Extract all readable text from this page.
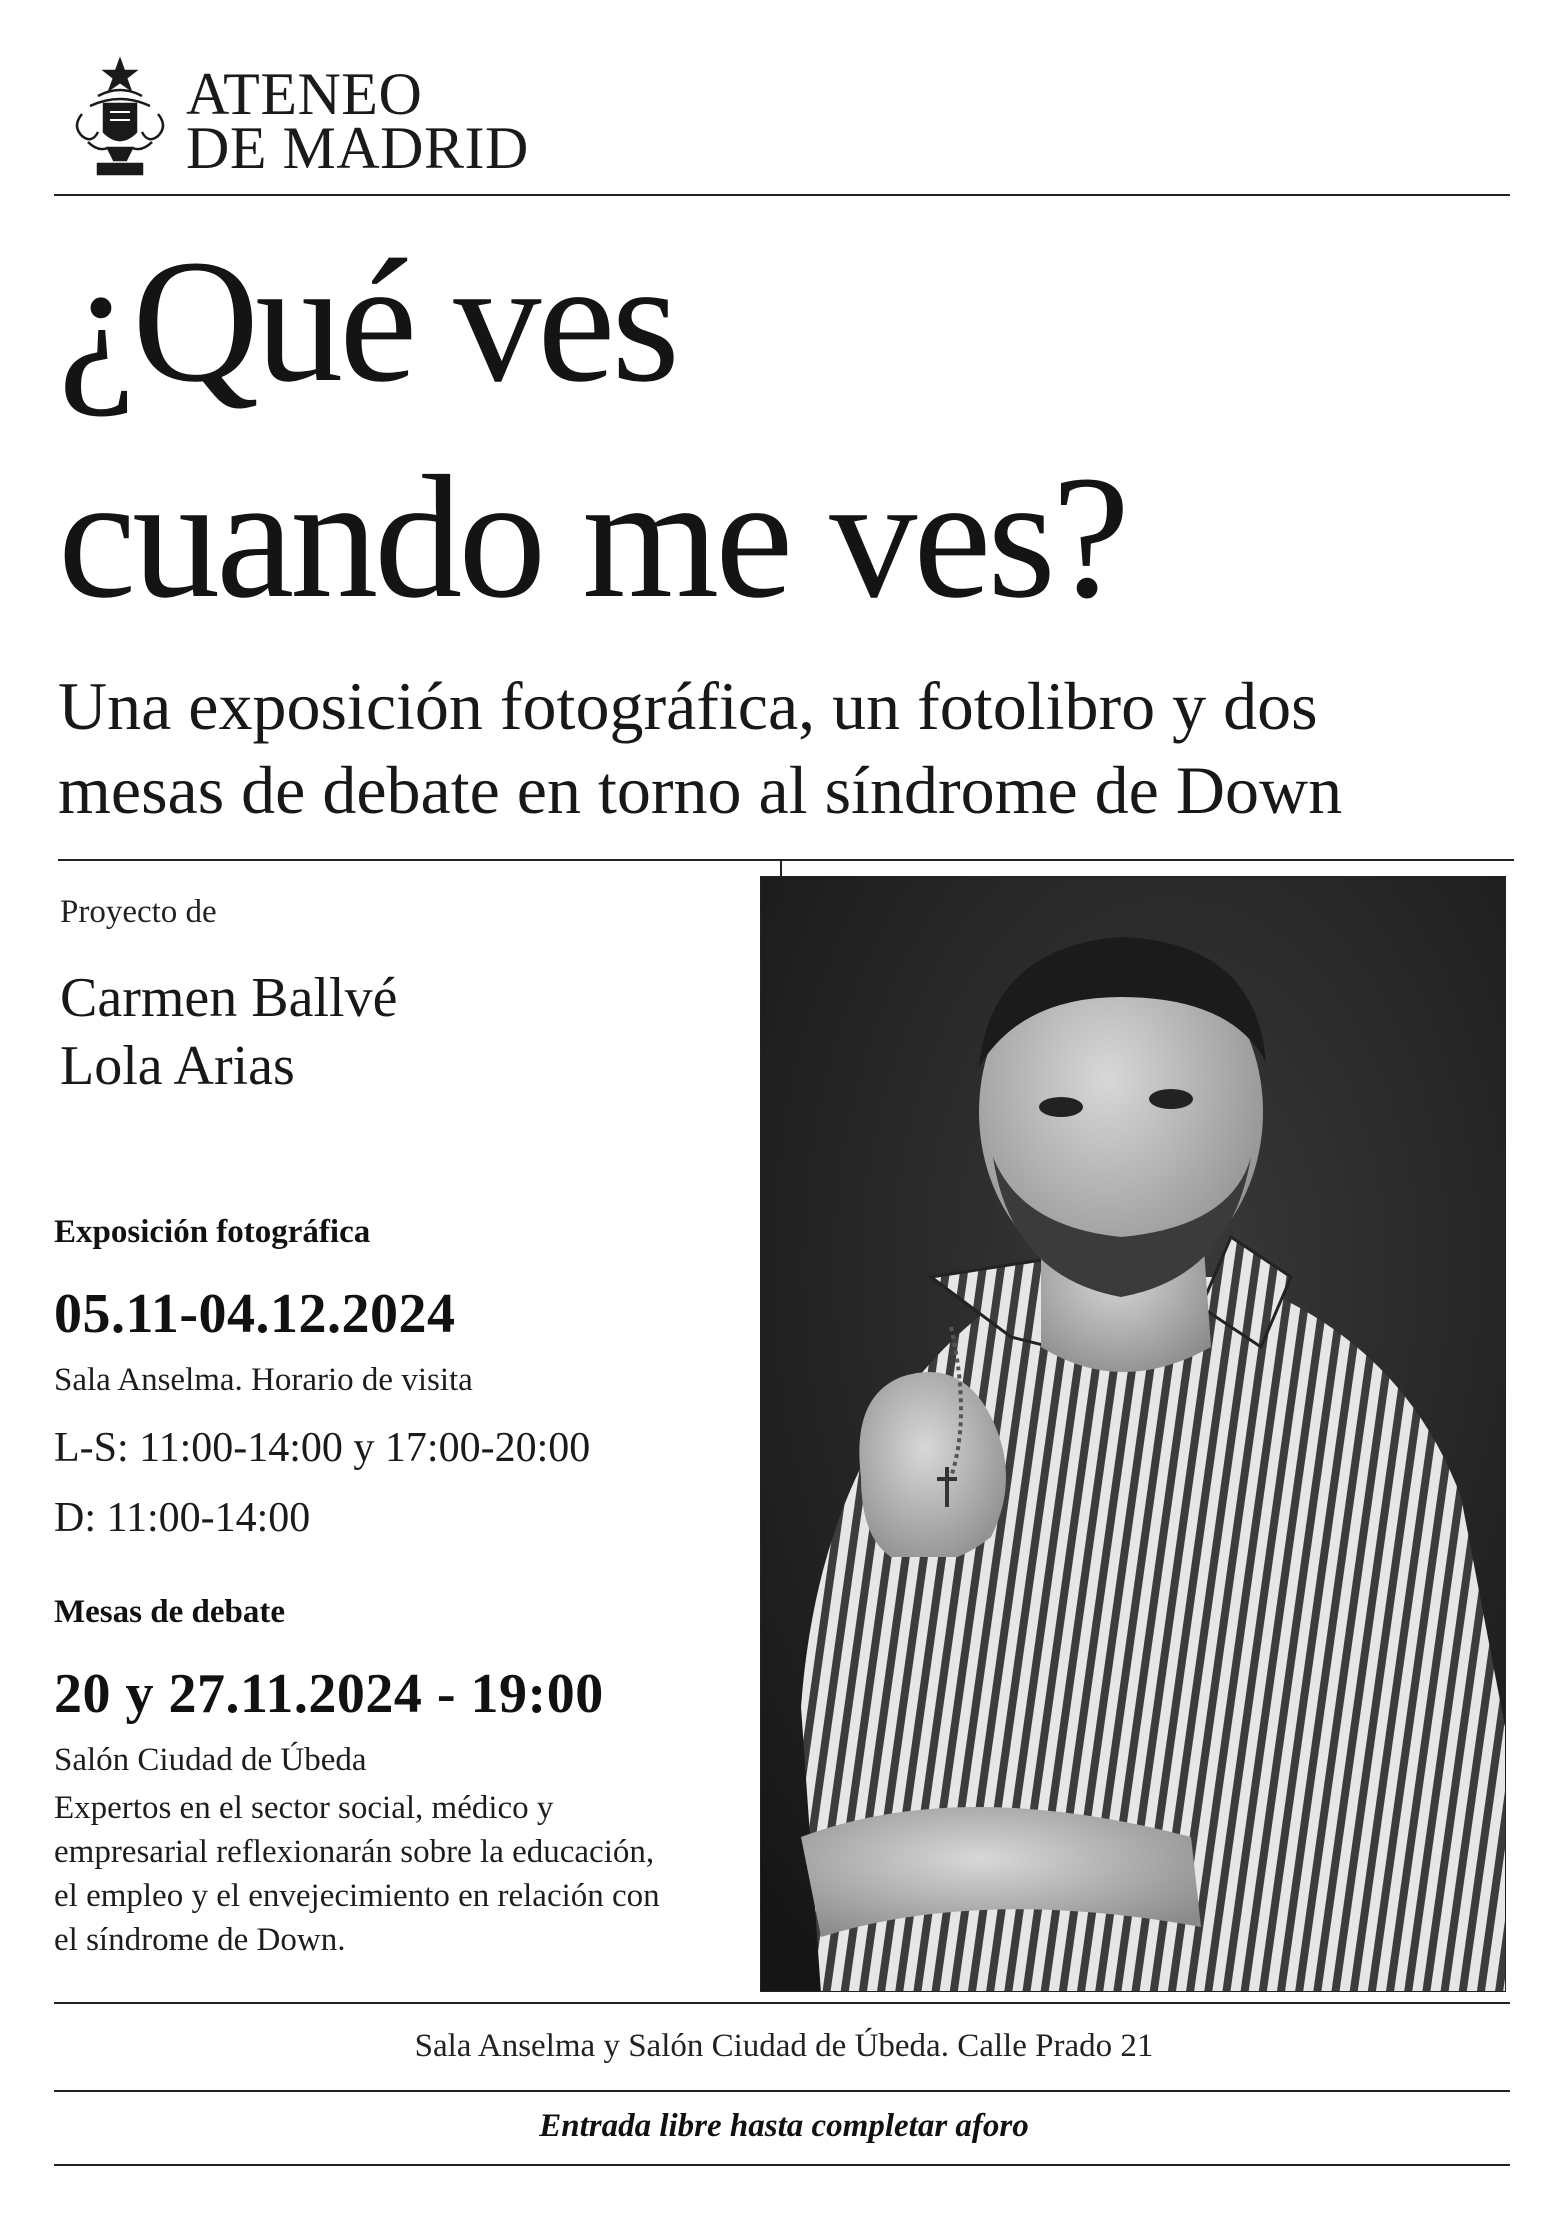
ATENEO
DE MADRID
¿Qué ves
cuando me ves?
Una exposición fotográfica, un fotolibro y dos
mesas de debate en torno al síndrome de Down
Proyecto de
Carmen Ballvé
Lola Arias
Exposición fotográfica
05.11-04.12.2024
Sala Anselma. Horario de visita
L-S: 11:00-14:00 y 17:00-20:00
D: 11:00-14:00
Mesas de debate
20 y 27.11.2024 - 19:00
Salón Ciudad de Úbeda
Expertos en el sector social, médico y
empresarial reflexionarán sobre la educación,
el empleo y el envejecimiento en relación con
el síndrome de Down.
Sala Anselma y Salón Ciudad de Úbeda. Calle Prado 21
Entrada libre hasta completar aforo
